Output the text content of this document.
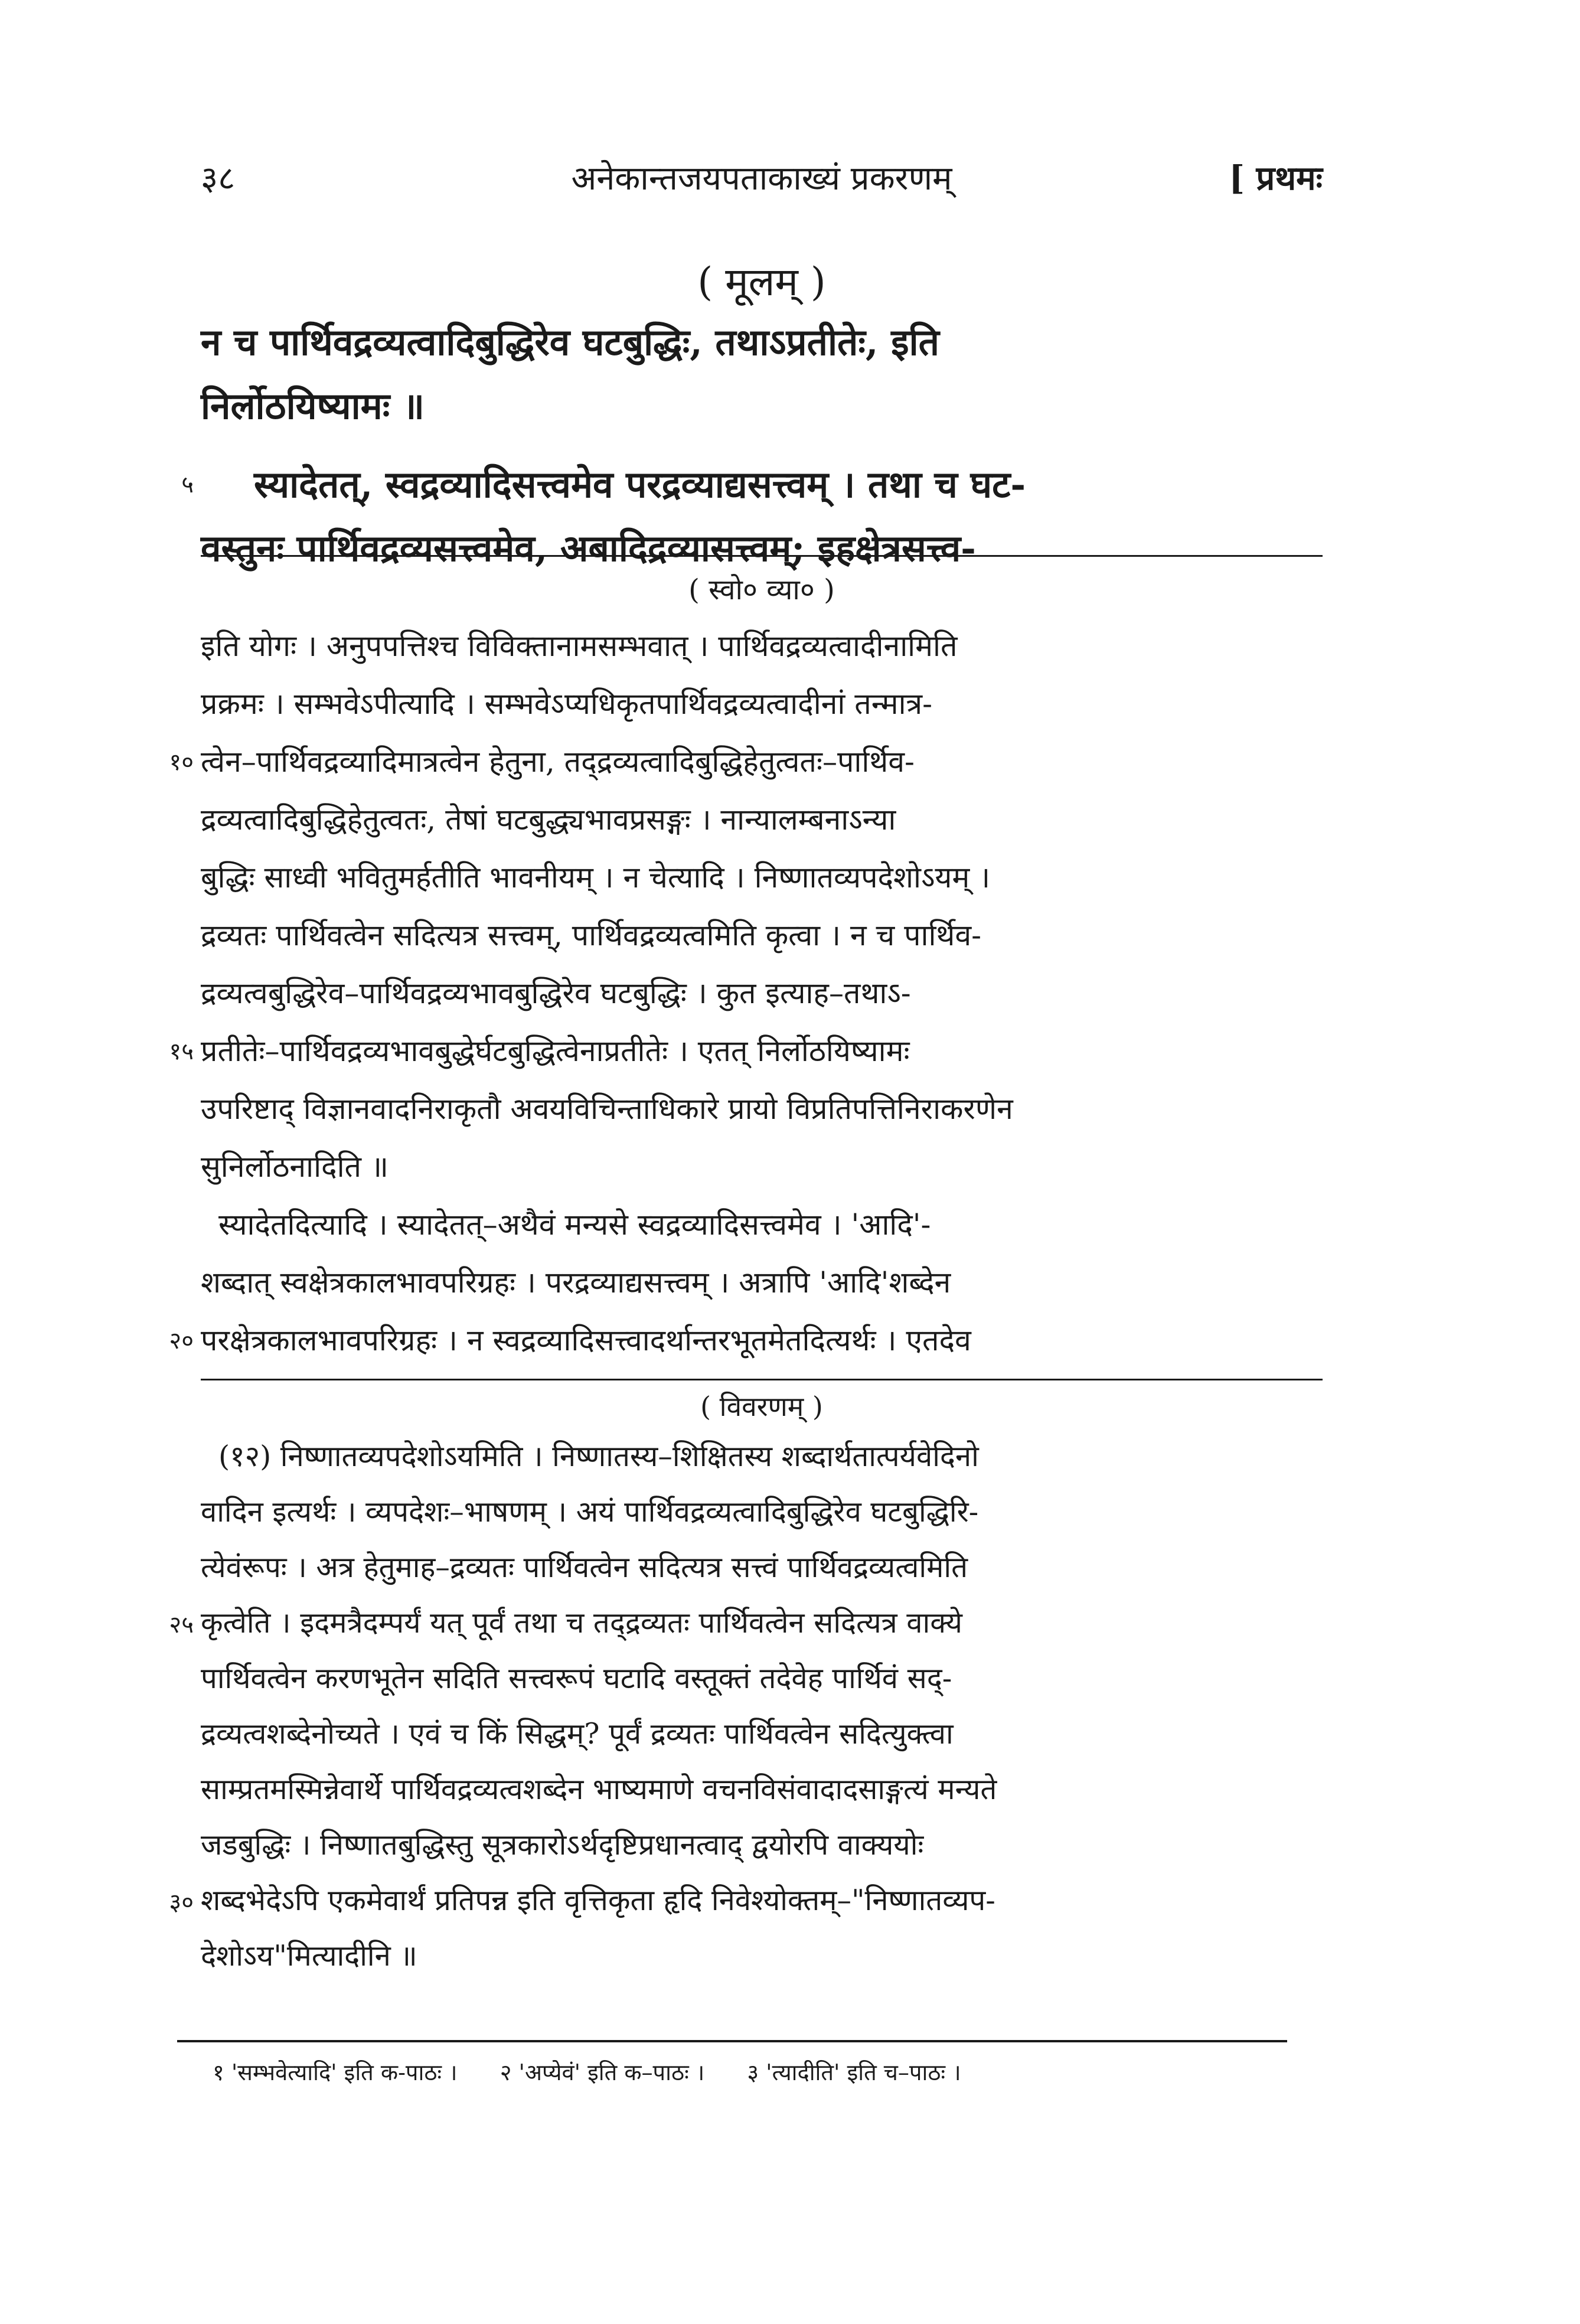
३८	अनेकान्तजयपताकाख्यं प्रकरणम्	[ प्रथमः
( मूलम् )
न च पार्थिवद्रव्यत्वादिबुद्धिरेव घटबुद्धिः, तथाऽप्रतीतेः, इति
निर्लोठयिष्यामः ॥
५ स्यादेतत्, स्वद्रव्यादिसत्त्वमेव परद्रव्याद्यसत्त्वम् । तथा च घट-
वस्तुनः पार्थिवद्रव्यसत्त्वमेव, अबादिद्रव्यासत्त्वम्; इहक्षेत्रसत्त्व-
( स्वो० व्या० )
इति योगः । अनुपपत्तिश्च विविक्तानामसम्भवात् । पार्थिवद्रव्यत्वादीनामिति
प्रक्रमः । सम्भवेऽपीत्यादि । सम्भवेऽप्यधिकृतपार्थिवद्रव्यत्वादीनां तन्मात्र-
१० त्वेन–पार्थिवद्रव्यादिमात्रत्वेन हेतुना, तद्द्रव्यत्वादिबुद्धिहेतुत्वतः–पार्थिव-
द्रव्यत्वादिबुद्धिहेतुत्वतः, तेषां घटबुद्ध्यभावप्रसङ्गः । नान्यालम्बनाऽन्या
बुद्धिः साध्वी भवितुमर्हतीति भावनीयम् । न चेत्यादि । निष्णातव्यपदेशोऽयम् ।
द्रव्यतः पार्थिवत्वेन सदित्यत्र सत्त्वम्, पार्थिवद्रव्यत्वमिति कृत्वा । न च पार्थिव-
द्रव्यत्वबुद्धिरेव–पार्थिवद्रव्यभावबुद्धिरेव घटबुद्धिः । कुत इत्याह–तथाऽ-
१५ प्रतीतेः–पार्थिवद्रव्यभावबुद्धेर्घटबुद्धित्वेनाप्रतीतेः । एतत् निर्लोठयिष्यामः
उपरिष्टाद् विज्ञानवादनिराकृतौ अवयविचिन्ताधिकारे प्रायो विप्रतिपत्तिनिराकरणेन
सुनिर्लोठनादिति ॥
स्यादेतदित्यादि । स्यादेतत्–अथैवं मन्यसे स्वद्रव्यादिसत्त्वमेव । 'आदि'-
शब्दात् स्वक्षेत्रकालभावपरिग्रहः । परद्रव्याद्यसत्त्वम् । अत्रापि 'आदि'शब्देन
२० परक्षेत्रकालभावपरिग्रहः । न स्वद्रव्यादिसत्त्वादर्थान्तरभूतमेतदित्यर्थः । एतदेव
( विवरणम् )
(१२) निष्णातव्यपदेशोऽयमिति । निष्णातस्य–शिक्षितस्य शब्दार्थतात्पर्यवेदिनो
वादिन इत्यर्थः । व्यपदेशः–भाषणम् । अयं पार्थिवद्रव्यत्वादिबुद्धिरेव घटबुद्धिरि-
त्येवंरूपः । अत्र हेतुमाह–द्रव्यतः पार्थिवत्वेन सदित्यत्र सत्त्वं पार्थिवद्रव्यत्वमिति
२५ कृत्वेति । इदमत्रैदम्पर्यं यत् पूर्वं तथा च तद्द्रव्यतः पार्थिवत्वेन सदित्यत्र वाक्ये
पार्थिवत्वेन करणभूतेन सदिति सत्त्वरूपं घटादि वस्तूक्तं तदेवेह पार्थिवं सद्-
द्रव्यत्वशब्देनोच्यते । एवं च किं सिद्धम्? पूर्वं द्रव्यतः पार्थिवत्वेन सदित्युक्त्वा
साम्प्रतमस्मिन्नेवार्थे पार्थिवद्रव्यत्वशब्देन भाष्यमाणे वचनविसंवादादसाङ्गत्यं मन्यते
जडबुद्धिः । निष्णातबुद्धिस्तु सूत्रकारोऽर्थदृष्टिप्रधानत्वाद् द्वयोरपि वाक्ययोः
३० शब्दभेदेऽपि एकमेवार्थं प्रतिपन्न इति वृत्तिकृता हृदि निवेश्योक्तम्–"निष्णातव्यप-
देशोऽय"मित्यादीनि ॥
१ 'सम्भवेत्यादि' इति क-पाठः । २ 'अप्येवं' इति क–पाठः । ३ 'त्यादीति' इति च–पाठः ।
